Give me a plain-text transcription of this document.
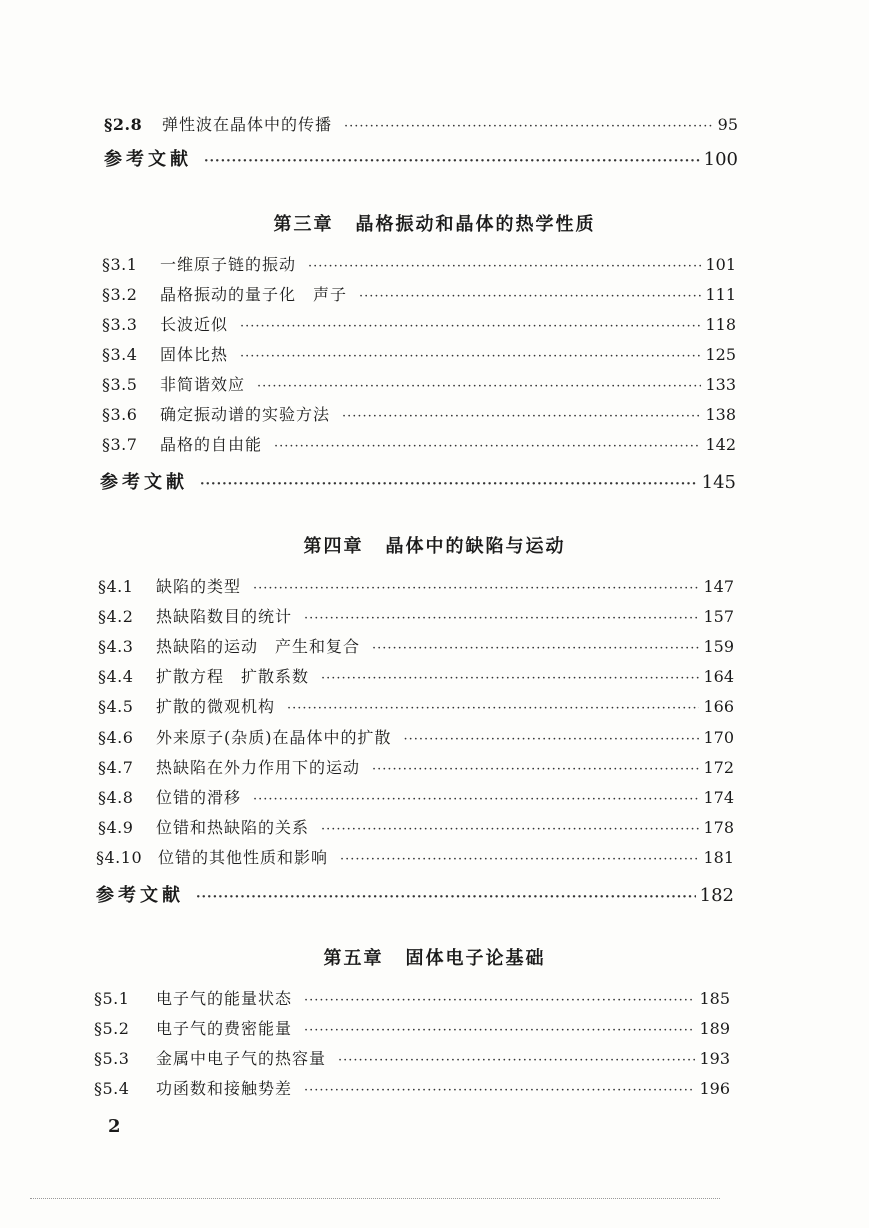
§2.8	弹性波在晶体中的传播 ·····	95
参考文献 ·····	100
第三章 晶格振动和晶体的热学性质
§3.1	一维原子链的振动 ·····	101
§3.2	晶格振动的量子化　声子 ·····	111
§3.3	长波近似 ·····	118
§3.4	固体比热 ·····	125
§3.5	非简谐效应 ·····	133
§3.6	确定振动谱的实验方法 ·····	138
§3.7	晶格的自由能 ·····	142
参考文献 ·····	145
第四章 晶体中的缺陷与运动
§4.1	缺陷的类型 ·····	147
§4.2	热缺陷数目的统计 ·····	157
§4.3	热缺陷的运动　产生和复合 ·····	159
§4.4	扩散方程　扩散系数 ·····	164
§4.5	扩散的微观机构 ·····	166
§4.6	外来原子(杂质)在晶体中的扩散 ·····	170
§4.7	热缺陷在外力作用下的运动 ·····	172
§4.8	位错的滑移 ·····	174
§4.9	位错和热缺陷的关系 ·····	178
§4.10 位错的其他性质和影响 ·····	181
参考文献 ·····	182
第五章 固体电子论基础
§5.1	电子气的能量状态 ·····	185
§5.2	电子气的费密能量 ·····	189
§5.3	金属中电子气的热容量 ·····	193
§5.4	功函数和接触势差 ·····	196
2
